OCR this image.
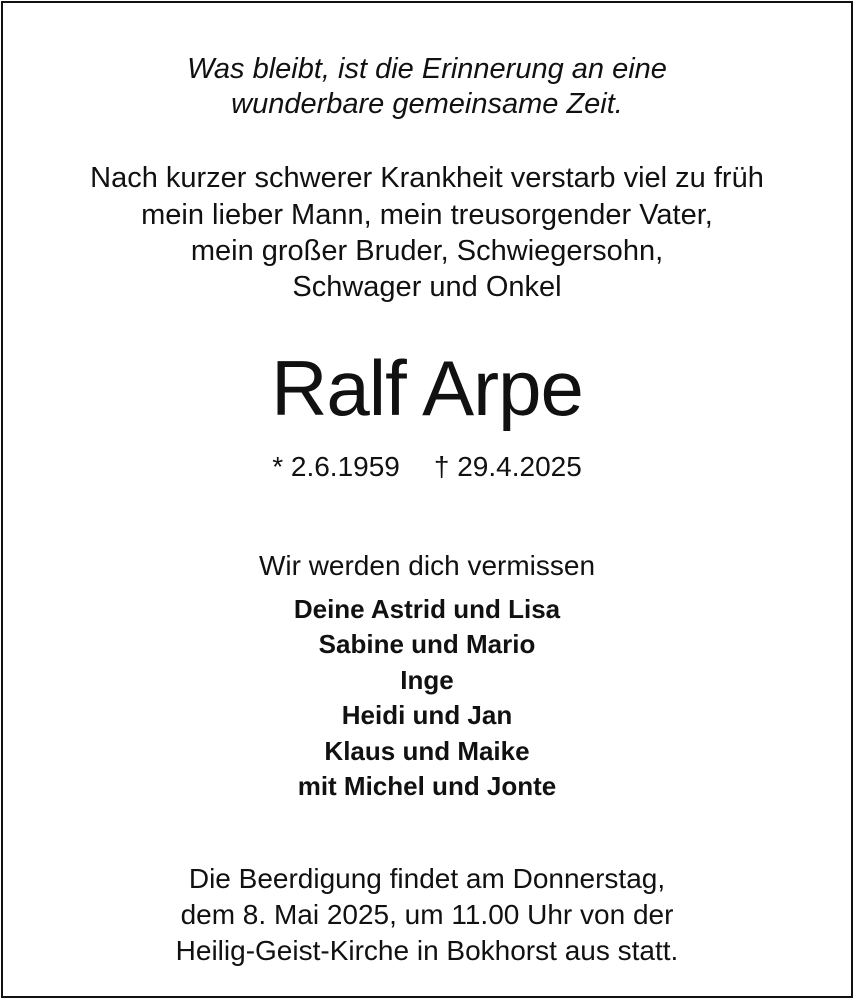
Was bleibt, ist die Erinnerung an eine
wunderbare gemeinsame Zeit.
Nach kurzer schwerer Krankheit verstarb viel zu früh
mein lieber Mann, mein treusorgender Vater,
mein großer Bruder, Schwiegersohn,
Schwager und Onkel
Ralf Arpe
* 2.6.1959 † 29.4.2025
Wir werden dich vermissen
Deine Astrid und Lisa
Sabine und Mario
Inge
Heidi und Jan
Klaus und Maike
mit Michel und Jonte
Die Beerdigung findet am Donnerstag,
dem 8. Mai 2025, um 11.00 Uhr von der
Heilig-Geist-Kirche in Bokhorst aus statt.
